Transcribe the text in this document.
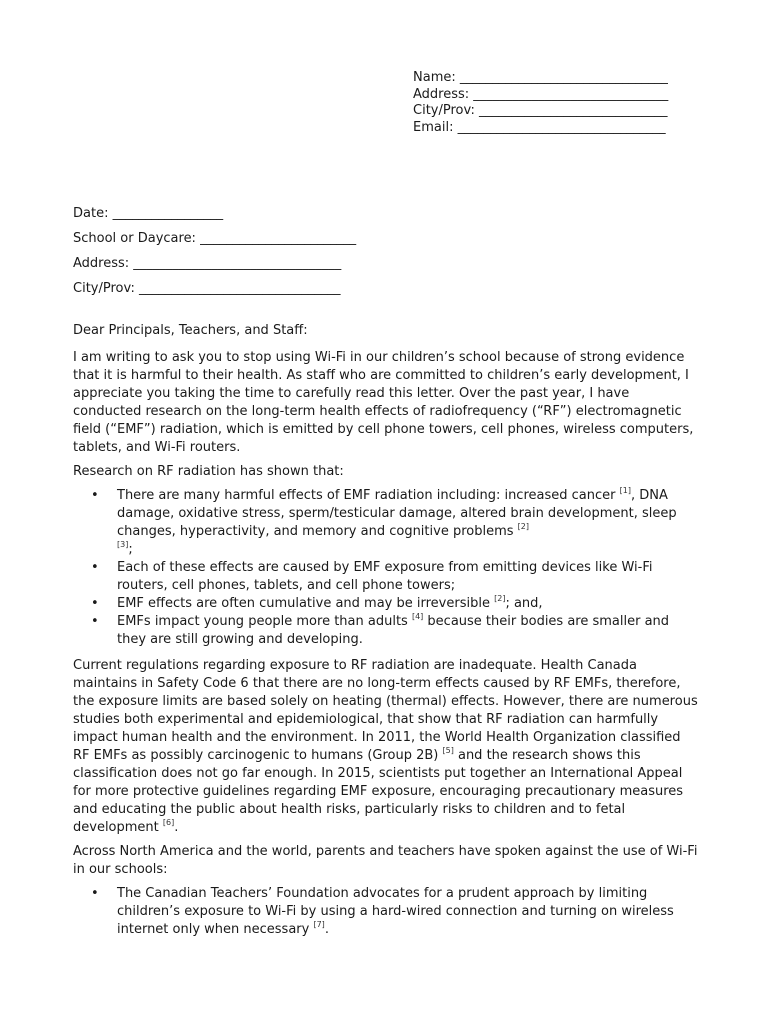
Name: ________________________________
Address: ______________________________
City/Prov: _____________________________
Email: ________________________________
Date: _________________
School or Daycare: ________________________
Address: ________________________________
City/Prov: _______________________________

Dear Principals, Teachers, and Staff:

I am writing to ask you to stop using Wi-Fi in our children’s school because of strong evidence that it is harmful to their health. As staff who are committed to children’s early development, I appreciate you taking the time to carefully read this letter. Over the past year, I have conducted research on the long-term health effects of radiofrequency (“RF”) electromagnetic field (“EMF”) radiation, which is emitted by cell phone towers, cell phones, wireless computers, tablets, and Wi-Fi routers.

Research on RF radiation has shown that:

• There are many harmful effects of EMF radiation including: increased cancer [1], DNA damage, oxidative stress, sperm/testicular damage, altered brain development, sleep changes, hyperactivity, and memory and cognitive problems [2]
[3];
• Each of these effects are caused by EMF exposure from emitting devices like Wi-Fi routers, cell phones, tablets, and cell phone towers;
• EMF effects are often cumulative and may be irreversible [2]; and,
• EMFs impact young people more than adults [4] because their bodies are smaller and they are still growing and developing.

Current regulations regarding exposure to RF radiation are inadequate. Health Canada maintains in Safety Code 6 that there are no long-term effects caused by RF EMFs, therefore, the exposure limits are based solely on heating (thermal) effects. However, there are numerous studies both experimental and epidemiological, that show that RF radiation can harmfully impact human health and the environment. In 2011, the World Health Organization classified RF EMFs as possibly carcinogenic to humans (Group 2B) [5] and the research shows this classification does not go far enough. In 2015, scientists put together an International Appeal for more protective guidelines regarding EMF exposure, encouraging precautionary measures and educating the public about health risks, particularly risks to children and to fetal development [6].

Across North America and the world, parents and teachers have spoken against the use of Wi-Fi in our schools:

• The Canadian Teachers’ Foundation advocates for a prudent approach by limiting children’s exposure to Wi-Fi by using a hard-wired connection and turning on wireless internet only when necessary [7].
